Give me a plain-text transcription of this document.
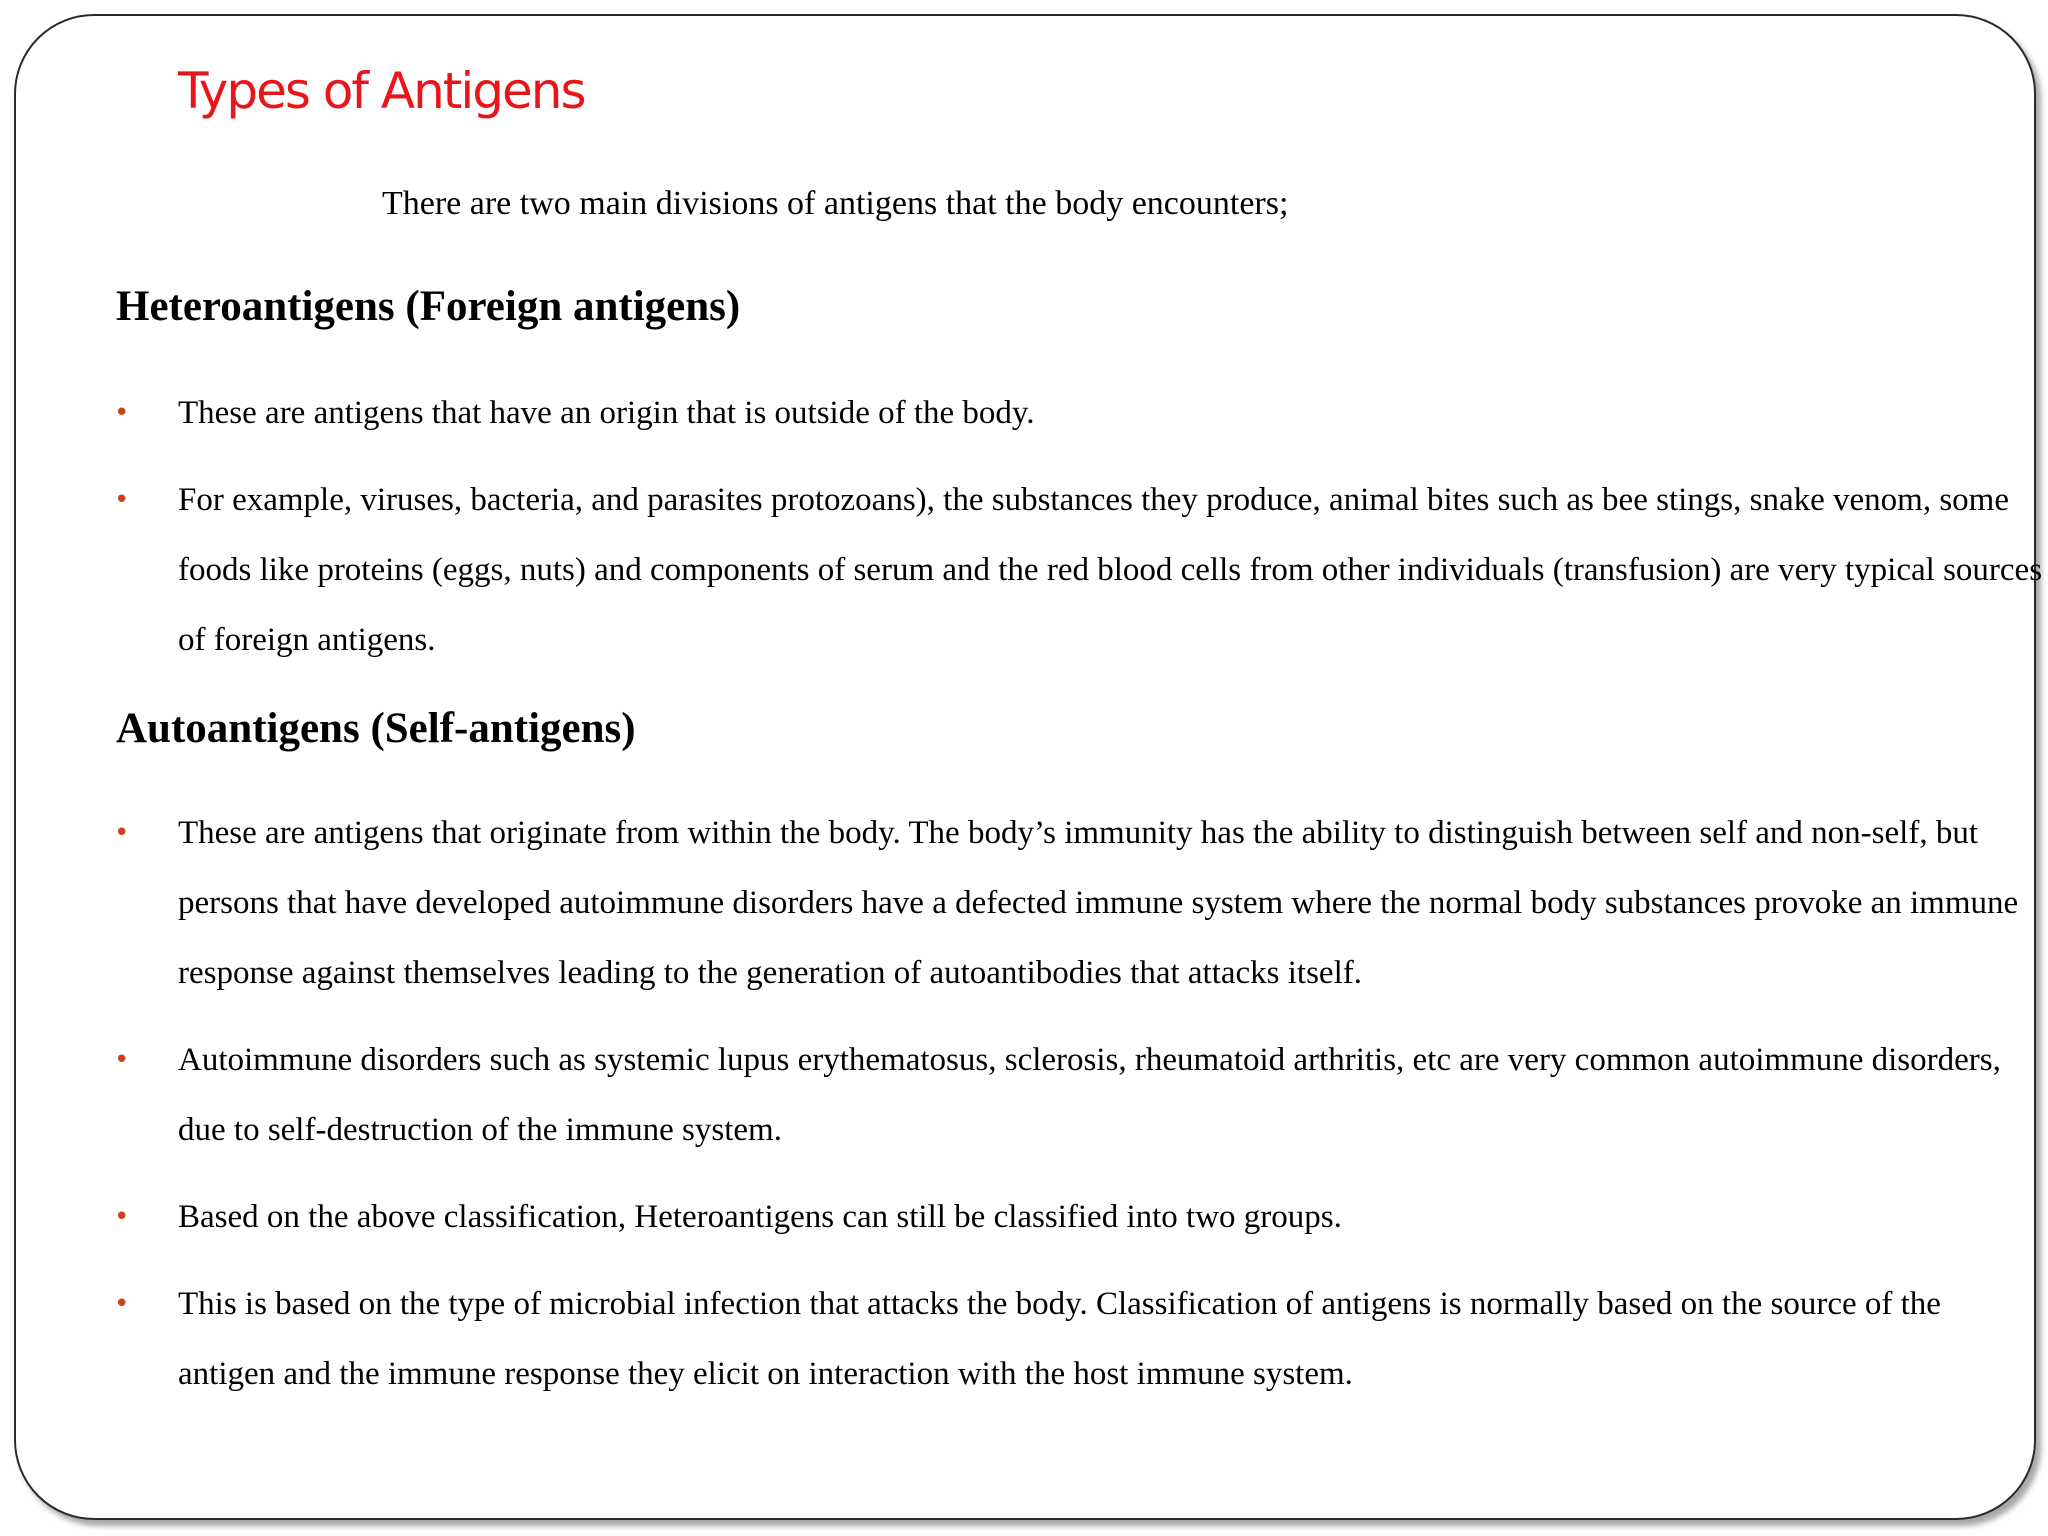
Types of Antigens

There are two main divisions of antigens that the body encounters;

Heteroantigens (Foreign antigens)
• These are antigens that have an origin that is outside of the body.
• For example, viruses, bacteria, and parasites protozoans), the substances they produce, animal bites such as bee stings, snake venom, some foods like proteins (eggs, nuts) and components of serum and the red blood cells from other individuals (transfusion) are very typical sources of foreign antigens.
Autoantigens (Self-antigens)
• These are antigens that originate from within the body. The body’s immunity has the ability to distinguish between self and non-self, but persons that have developed autoimmune disorders have a defected immune system where the normal body substances provoke an immune response against themselves leading to the generation of autoantibodies that attacks itself.
• Autoimmune disorders such as systemic lupus erythematosus, sclerosis, rheumatoid arthritis, etc are very common autoimmune disorders, due to self-destruction of the immune system.
• Based on the above classification, Heteroantigens can still be classified into two groups.
• This is based on the type of microbial infection that attacks the body. Classification of antigens is normally based on the source of the antigen and the immune response they elicit on interaction with the host immune system.
